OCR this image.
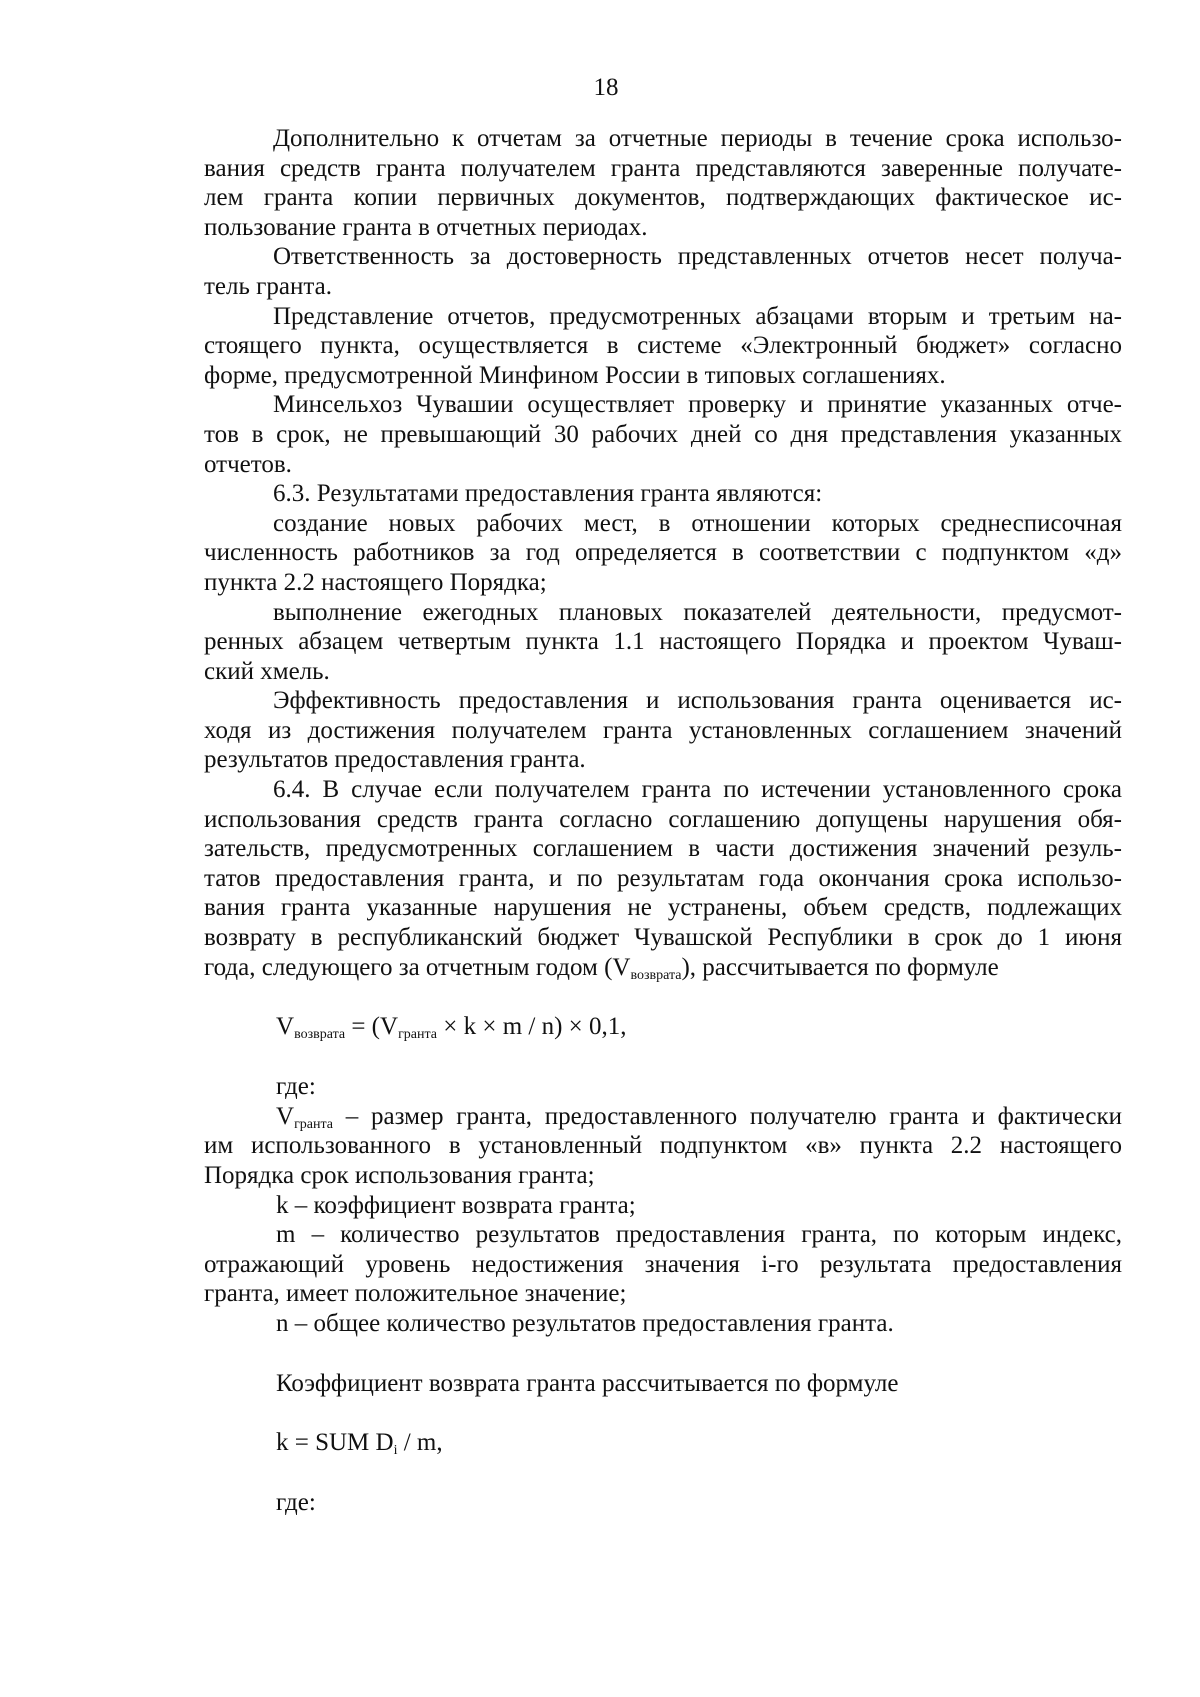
18
Дополнительно к отчетам за отчетные периоды в течение срока использо-
вания средств гранта получателем гранта представляются заверенные получате-
лем гранта копии первичных документов, подтверждающих фактическое ис-
пользование гранта в отчетных периодах.
Ответственность за достоверность представленных отчетов несет получа-
тель гранта.
Представление отчетов, предусмотренных абзацами вторым и третьим на-
стоящего пункта, осуществляется в системе «Электронный бюджет» согласно
форме, предусмотренной Минфином России в типовых соглашениях.
Минсельхоз Чувашии осуществляет проверку и принятие указанных отче-
тов в срок, не превышающий 30 рабочих дней со дня представления указанных
отчетов.
6.3. Результатами предоставления гранта являются:
создание новых рабочих мест, в отношении которых среднесписочная
численность работников за год определяется в соответствии с подпунктом «д»
пункта 2.2 настоящего Порядка;
выполнение ежегодных плановых показателей деятельности, предусмот-
ренных абзацем четвертым пункта 1.1 настоящего Порядка и проектом Чуваш-
ский хмель.
Эффективность предоставления и использования гранта оценивается ис-
ходя из достижения получателем гранта установленных соглашением значений
результатов предоставления гранта.
6.4. В случае если получателем гранта по истечении установленного срока
использования средств гранта согласно соглашению допущены нарушения обя-
зательств, предусмотренных соглашением в части достижения значений резуль-
татов предоставления гранта, и по результатам года окончания срока использо-
вания гранта указанные нарушения не устранены, объем средств, подлежащих
возврату в республиканский бюджет Чувашской Республики в срок до 1 июня
года, следующего за отчетным годом $(V_{возврата})$, рассчитывается по формуле
$V_{возврата} = (V_{гранта} \times k \times m / n) \times 0,1$,
где:
$V_{гранта}$ – размер гранта, предоставленного получателю гранта и фактически
им использованного в установленный подпунктом «в» пункта 2.2 настоящего
Порядка срок использования гранта;
k – коэффициент возврата гранта;
m – количество результатов предоставления гранта, по которым индекс,
отражающий уровень недостижения значения i-го результата предоставления
гранта, имеет положительное значение;
n – общее количество результатов предоставления гранта.
Коэффициент возврата гранта рассчитывается по формуле
k = SUM $D_i$ / m,
где:
